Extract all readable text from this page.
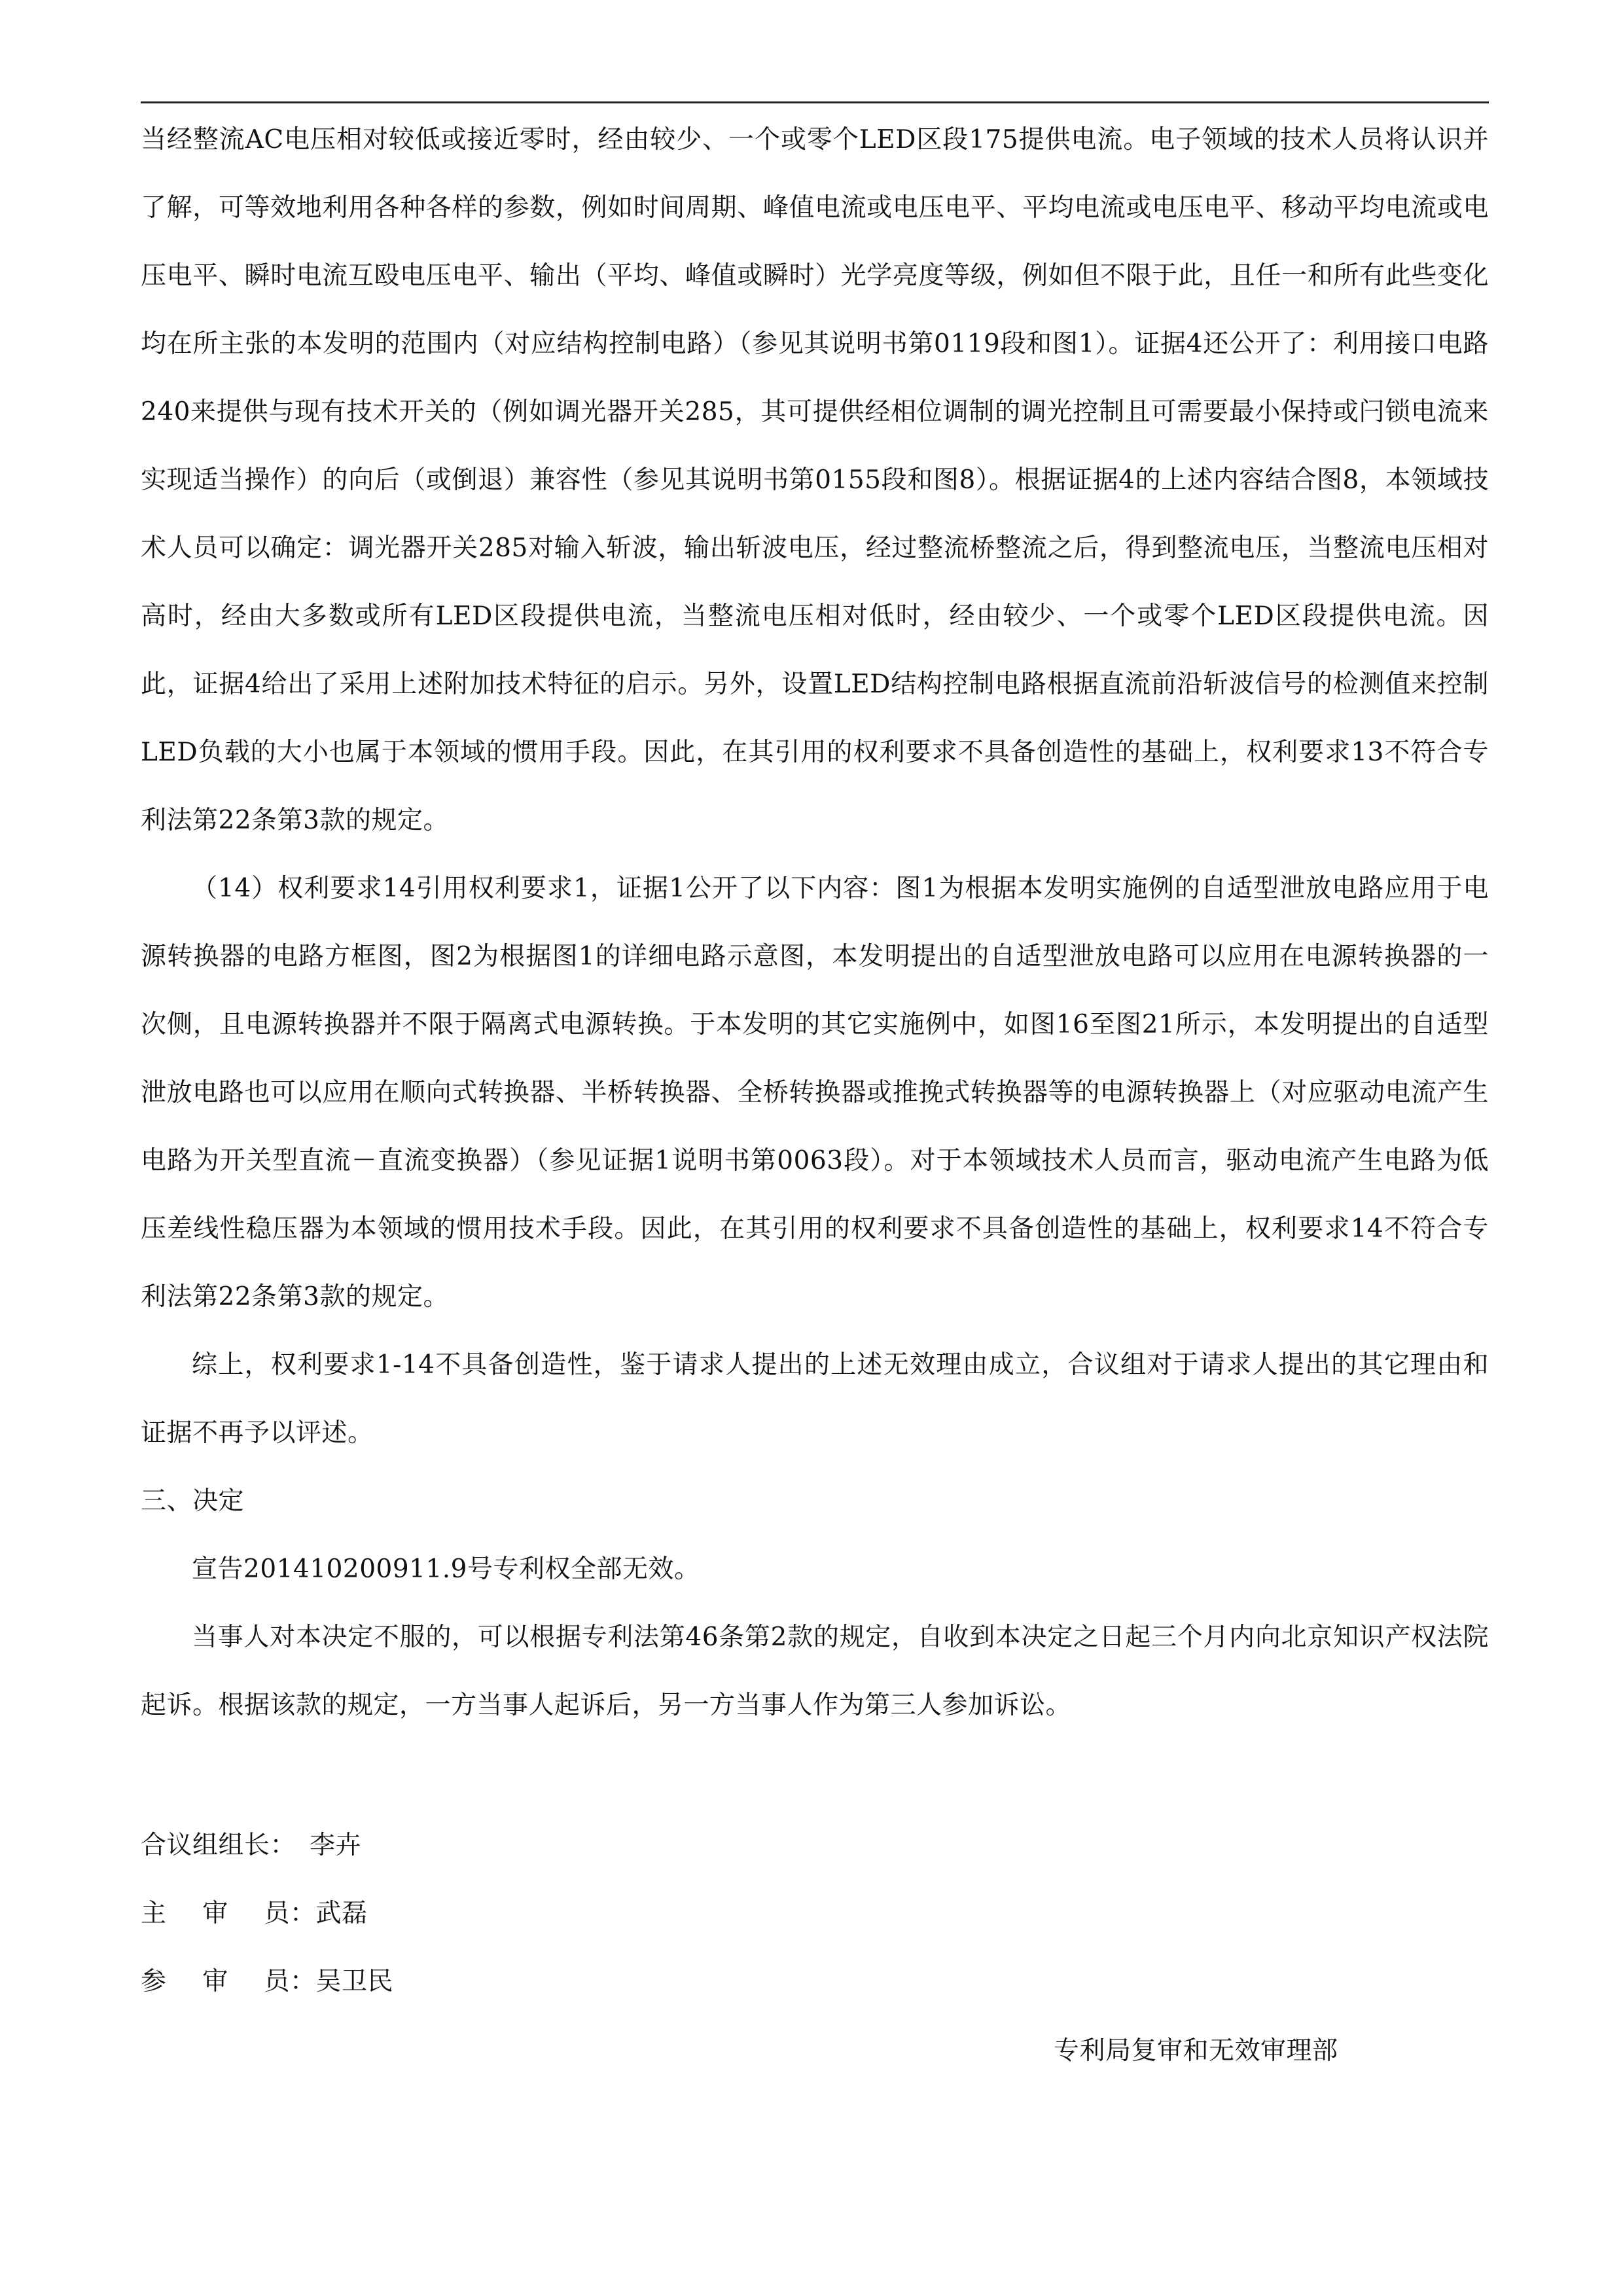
当经整流AC电压相对较低或接近零时，经由较少、一个或零个LED区段175提供电流。电子领域的技术人员将认识并了解，可等效地利用各种各样的参数，例如时间周期、峰值电流或电压电平、平均电流或电压电平、移动平均电流或电压电平、瞬时电流互殴电压电平、输出（平均、峰值或瞬时）光学亮度等级，例如但不限于此，且任一和所有此些变化均在所主张的本发明的范围内（对应结构控制电路）（参见其说明书第0119段和图1）。证据4还公开了：利用接口电路240来提供与现有技术开关的（例如调光器开关285，其可提供经相位调制的调光控制且可需要最小保持或闩锁电流来实现适当操作）的向后（或倒退）兼容性（参见其说明书第0155段和图8）。根据证据4的上述内容结合图8，本领域技术人员可以确定：调光器开关285对输入斩波，输出斩波电压，经过整流桥整流之后，得到整流电压，当整流电压相对高时，经由大多数或所有LED区段提供电流，当整流电压相对低时，经由较少、一个或零个LED区段提供电流。因此，证据4给出了采用上述附加技术特征的启示。另外，设置LED结构控制电路根据直流前沿斩波信号的检测值来控制LED负载的大小也属于本领域的惯用手段。因此，在其引用的权利要求不具备创造性的基础上，权利要求13不符合专利法第22条第3款的规定。

（14）权利要求14引用权利要求1，证据1公开了以下内容：图1为根据本发明实施例的自适型泄放电路应用于电源转换器的电路方框图，图2为根据图1的详细电路示意图，本发明提出的自适型泄放电路可以应用在电源转换器的一次侧，且电源转换器并不限于隔离式电源转换。于本发明的其它实施例中，如图16至图21所示，本发明提出的自适型泄放电路也可以应用在顺向式转换器、半桥转换器、全桥转换器或推挽式转换器等的电源转换器上（对应驱动电流产生电路为开关型直流－直流变换器）（参见证据1说明书第0063段）。对于本领域技术人员而言，驱动电流产生电路为低压差线性稳压器为本领域的惯用技术手段。因此，在其引用的权利要求不具备创造性的基础上，权利要求14不符合专利法第22条第3款的规定。

综上，权利要求1-14不具备创造性，鉴于请求人提出的上述无效理由成立，合议组对于请求人提出的其它理由和证据不再予以评述。

三、决定

宣告201410200911.9号专利权全部无效。

当事人对本决定不服的，可以根据专利法第46条第2款的规定，自收到本决定之日起三个月内向北京知识产权法院起诉。根据该款的规定，一方当事人起诉后，另一方当事人作为第三人参加诉讼。

合议组组长： 李卉

主 审 员 ： 武磊

参 审 员 ： 吴卫民

专利局复审和无效审理部
